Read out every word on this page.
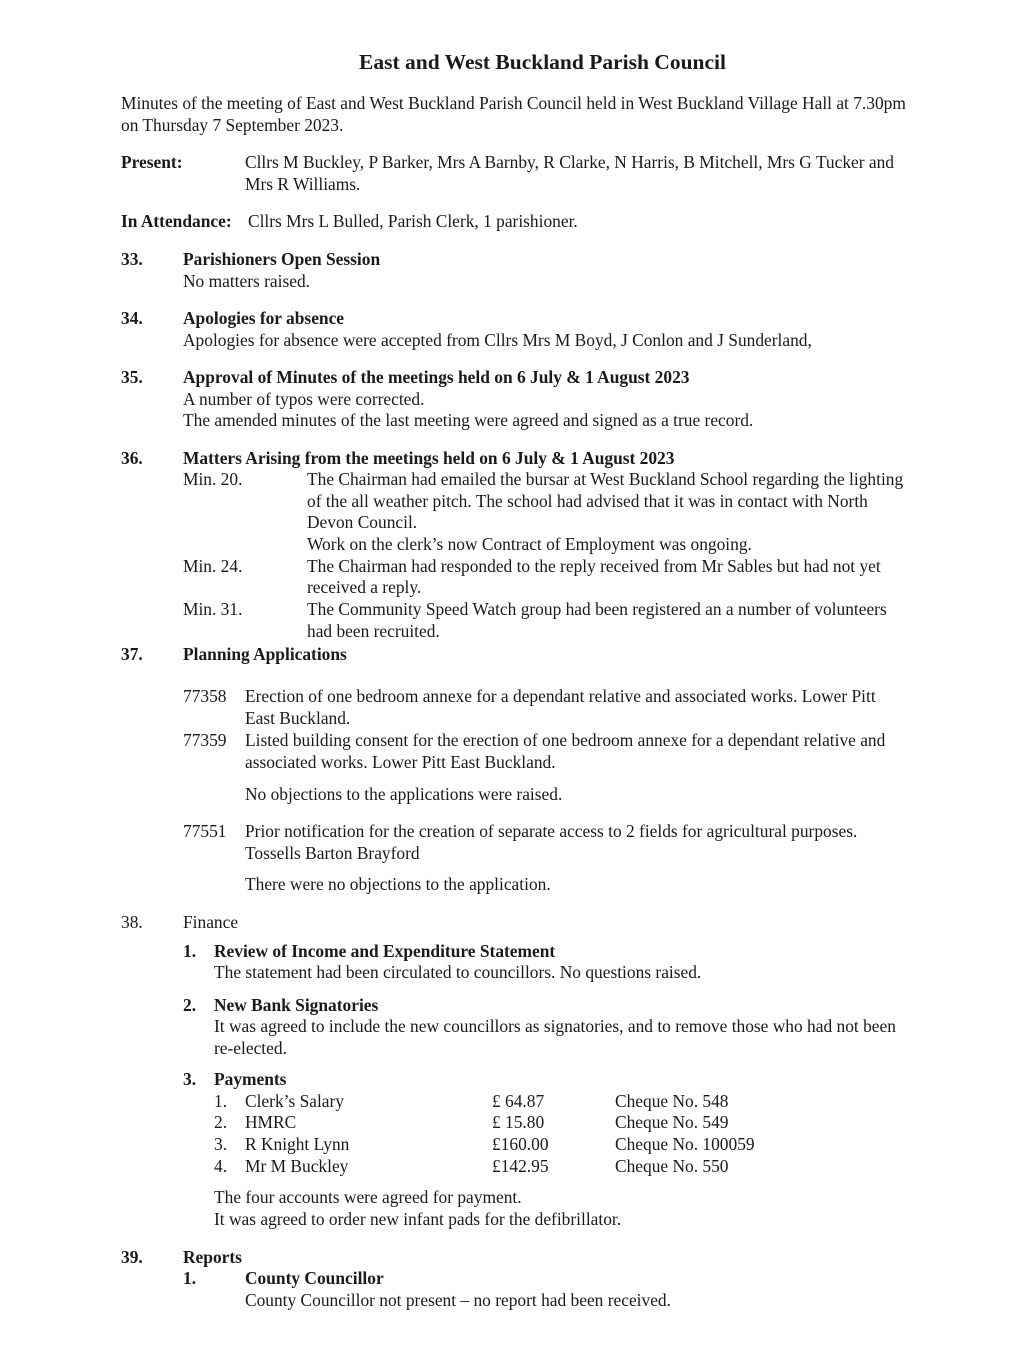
East and West Buckland Parish Council
Minutes of the meeting of East and West Buckland Parish Council held in West Buckland Village Hall at 7.30pm
on Thursday 7 September 2023.
Present:	Cllrs M Buckley, P Barker, Mrs A Barnby, R Clarke, N Harris, B Mitchell, Mrs G Tucker and
Mrs R Williams.
In Attendance: Cllrs Mrs L Bulled, Parish Clerk, 1 parishioner.
33. Parishioners Open Session
No matters raised.
34. Apologies for absence
Apologies for absence were accepted from Cllrs Mrs M Boyd, J Conlon and J Sunderland,
35. Approval of Minutes of the meetings held on 6 July & 1 August 2023
A number of typos were corrected.
The amended minutes of the last meeting were agreed and signed as a true record.
36. Matters Arising from the meetings held on 6 July & 1 August 2023
Min. 20.	The Chairman had emailed the bursar at West Buckland School regarding the lighting
of the all weather pitch. The school had advised that it was in contact with North
Devon Council.
Work on the clerk’s now Contract of Employment was ongoing.
Min. 24.	The Chairman had responded to the reply received from Mr Sables but had not yet
received a reply.
Min. 31.	The Community Speed Watch group had been registered an a number of volunteers
had been recruited.
37. Planning Applications
77358 Erection of one bedroom annexe for a dependant relative and associated works. Lower Pitt
East Buckland.
77359 Listed building consent for the erection of one bedroom annexe for a dependant relative and
associated works. Lower Pitt East Buckland.
No objections to the applications were raised.
77551 Prior notification for the creation of separate access to 2 fields for agricultural purposes.
Tossells Barton Brayford
There were no objections to the application.
38. Finance
1. Review of Income and Expenditure Statement
The statement had been circulated to councillors. No questions raised.
2. New Bank Signatories
It was agreed to include the new councillors as signatories, and to remove those who had not been
re-elected.
3. Payments
1. Clerk’s Salary	£ 64.87	Cheque No. 548
2. HMRC	£ 15.80	Cheque No. 549
3. R Knight Lynn	£160.00	Cheque No. 100059
4. Mr M Buckley	£142.95	Cheque No. 550
The four accounts were agreed for payment.
It was agreed to order new infant pads for the defibrillator.
39. Reports
1.	County Councillor
County Councillor not present – no report had been received.
